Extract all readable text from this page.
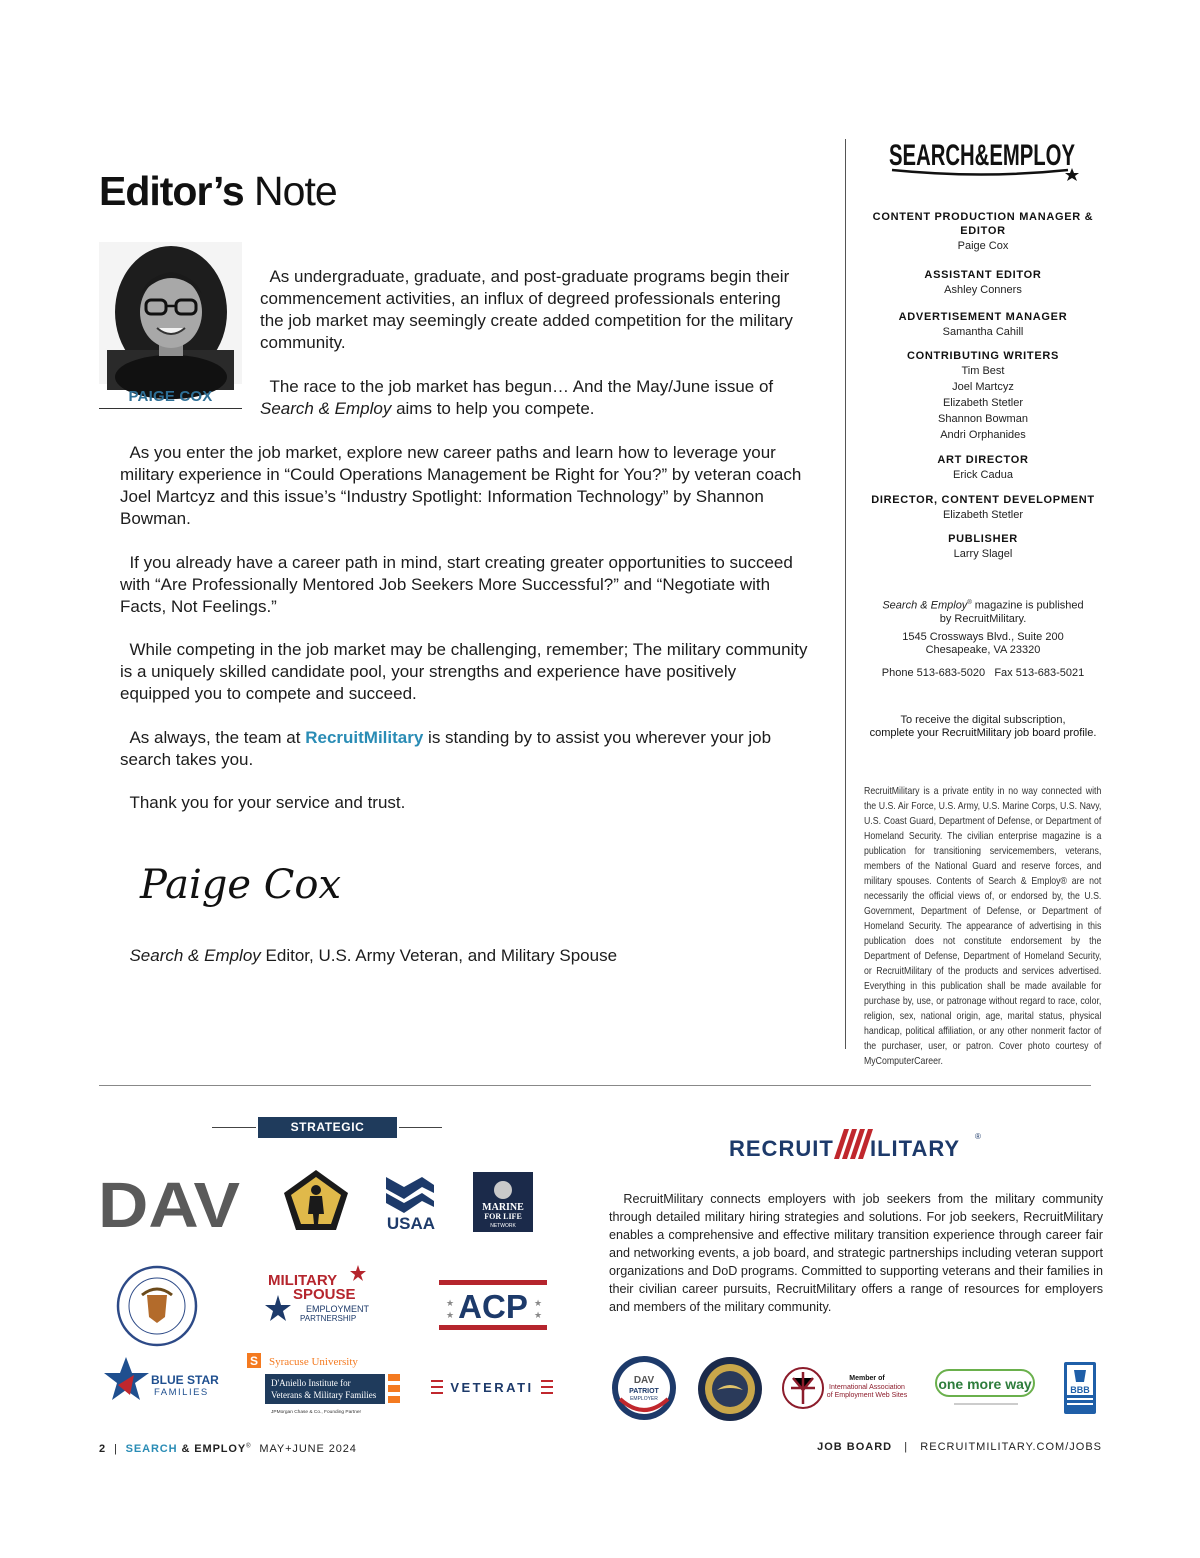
Editor’s Note
PAIGE COX

As undergraduate, graduate, and post-graduate programs begin their commencement activities, an influx of degreed professionals entering the job market may seemingly create added competition for the military community.

The race to the job market has begun… And the May/June issue of
Search & Employ aims to help you compete.

As you enter the job market, explore new career paths and learn how to leverage your military experience in “Could Operations Management be Right for You?” by veteran coach Joel Martcyz and this issue’s “Industry Spotlight: Information Technology” by Shannon Bowman.

If you already have a career path in mind, start creating greater opportunities to succeed with “Are Professionally Mentored Job Seekers More Successful?” and “Negotiate with Facts, Not Feelings.”

While competing in the job market may be challenging, remember; The military community is a uniquely skilled candidate pool, your strengths and experience have positively equipped you to compete and succeed.

As always, the team at RecruitMilitary is standing by to assist you wherever your job search takes you.

Thank you for your service and trust.

Paige Cox

Search & Employ Editor, U.S. Army Veteran, and Military Spouse

SEARCH&EMPLOY
CONTENT PRODUCTION MANAGER & EDITOR
Paige Cox
ASSISTANT EDITOR
Ashley Conners
ADVERTISEMENT MANAGER
Samantha Cahill
CONTRIBUTING WRITERS
Tim Best
Joel Martcyz
Elizabeth Stetler
Shannon Bowman
Andri Orphanides
ART DIRECTOR
Erick Cadua
DIRECTOR, CONTENT DEVELOPMENT
Elizabeth Stetler
PUBLISHER
Larry Slagel
Search & Employ® magazine is published
by RecruitMilitary.
1545 Crossways Blvd., Suite 200
Chesapeake, VA 23320
Phone 513-683-5020   Fax 513-683-5021
To receive the digital subscription,
complete your RecruitMilitary job board profile.
RecruitMilitary is a private entity in no way connected with the U.S. Air Force, U.S. Army, U.S. Marine Corps, U.S. Navy, U.S. Coast Guard, Department of Defense, or Department of Homeland Security. The civilian enterprise magazine is a publication for transitioning servicemembers, veterans, members of the National Guard and reserve forces, and military spouses. Contents of Search & Employ® are not necessarily the official views of, or endorsed by, the U.S. Government, Department of Defense, or Department of Homeland Security. The appearance of advertising in this publication does not constitute endorsement by the Department of Defense, Department of Homeland Security, or RecruitMilitary of the products and services advertised. Everything in this publication shall be made available for purchase by, use, or patronage without regard to race, color, religion, sex, national origin, age, marital status, physical handicap, political affiliation, or any other nonmerit factor of the purchaser, user, or patron. Cover photo courtesy of MyComputerCareer.
STRATEGIC PARTNERS
DAV	USAA
MARINE
FOR LIFE
NETWORK
MILITARY
SPOUSE
EMPLOYMENT
PARTNERSHIP	ACP
★
★
★
★
BLUE STAR
FAMILIES
S Syracuse University
D'Aniello Institute for
Veterans & Military Families
JPMorgan Chase & Co., Founding Partner
VETERATI
RECRUIT ILITARY ®
RecruitMilitary connects employers with job seekers from the military community through detailed military hiring strategies and solutions. For job seekers, RecruitMilitary enables a comprehensive and effective military transition experience through career fair and networking events, a job board, and strategic partnerships including veteran support organizations and DoD programs. Committed to supporting veterans and their families in their civilian career pursuits, RecruitMilitary offers a range of resources for employers and members of the military community.
DAV
PATRIOT
EMPLOYER
Member of
International Association
of Employment Web Sites
one more way	BBB
2 | SEARCH & EMPLOY® MAY+JUNE 2024	JOB BOARD | RECRUITMILITARY.COM/JOBS
